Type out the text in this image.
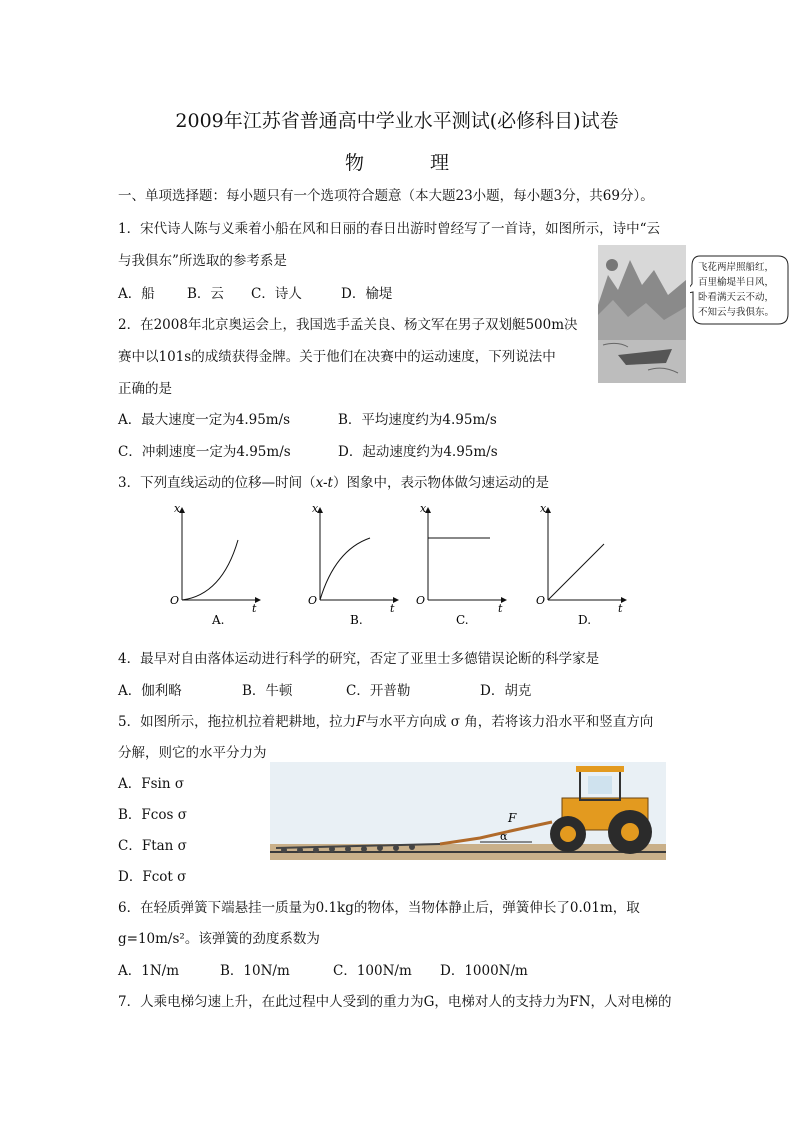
2009年江苏省普通高中学业水平测试(必修科目)试卷
物 理
一、单项选择题：每小题只有一个选项符合题意（本大题23小题，每小题3分，共69分）。
1．宋代诗人陈与义乘着小船在风和日丽的春日出游时曾经写了一首诗，如图所示，诗中“云
与我俱东”所选取的参考系是
A．船 B．云 C．诗人	D．榆堤
飞花两岸照船红，
百里榆堤半日风，
卧看满天云不动，
不知云与我俱东。
2．在2008年北京奥运会上，我国选手孟关良、杨文军在男子双划艇500m决
赛中以101s的成绩获得金牌。关于他们在决赛中的运动速度，下列说法中
正确的是
A．最大速度一定为4.95m/s	B．平均速度约为4.95m/s
C．冲刺速度一定为4.95m/s	D．起动速度约为4.95m/s
3．下列直线运动的位移—时间（x-t）图象中，表示物体做匀速运动的是
x
t
O
A.
x
t
O
B.
x
t
O
C.
x
t
O
D.
4．最早对自由落体运动进行科学的研究，否定了亚里士多德错误论断的科学家是
A．伽利略	B．牛顿	C．开普勒	D．胡克
5．如图所示，拖拉机拉着耙耕地，拉力F与水平方向成 σ 角，若将该力沿水平和竖直方向
分解，则它的水平分力为
A．Fsin σ
B．Fcos σ
C．Ftan σ
D．Fcot σ
F
α
6．在轻质弹簧下端悬挂一质量为0.1kg的物体，当物体静止后，弹簧伸长了0.01m，取
g=10m/s²。该弹簧的劲度系数为
A．1N/m	B．10N/m	C．100N/m D．1000N/m
7．人乘电梯匀速上升，在此过程中人受到的重力为G，电梯对人的支持力为FN，人对电梯的
